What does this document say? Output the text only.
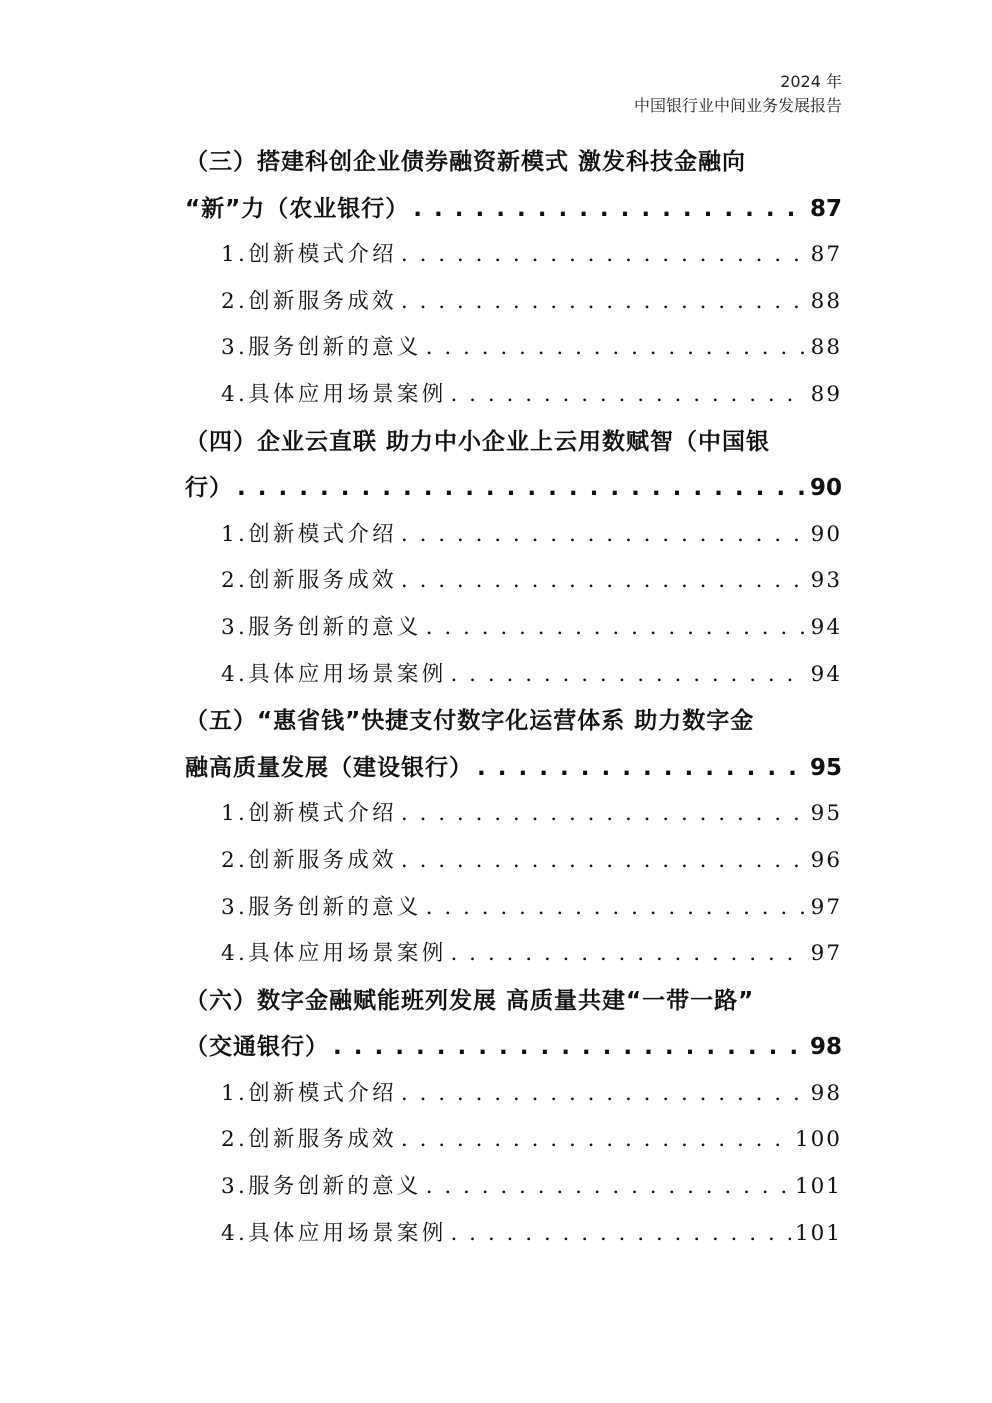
2024 年
中国银行业中间业务发展报告
（三）搭建科创企业债券融资新模式 激发科技金融向
“新”力（农业银行） . . .	87
1.创新模式介绍 . . .	87
2.创新服务成效 . . .	88
3.服务创新的意义 . . .	88
4.具体应用场景案例 . . .	89
（四）企业云直联 助力中小企业上云用数赋智（中国银
行） . . .	90
1.创新模式介绍 . . .	90
2.创新服务成效 . . .	93
3.服务创新的意义 . . .	94
4.具体应用场景案例 . . .	94
（五）“惠省钱”快捷支付数字化运营体系 助力数字金
融高质量发展（建设银行） . . .	95
1.创新模式介绍 . . .	95
2.创新服务成效 . . .	96
3.服务创新的意义 . . .	97
4.具体应用场景案例 . . .	97
（六）数字金融赋能班列发展 高质量共建“一带一路”
（交通银行） . . .	98
1.创新模式介绍 . . .	98
2.创新服务成效 . . .	100
3.服务创新的意义 . . .	101
4.具体应用场景案例 . . .	101
